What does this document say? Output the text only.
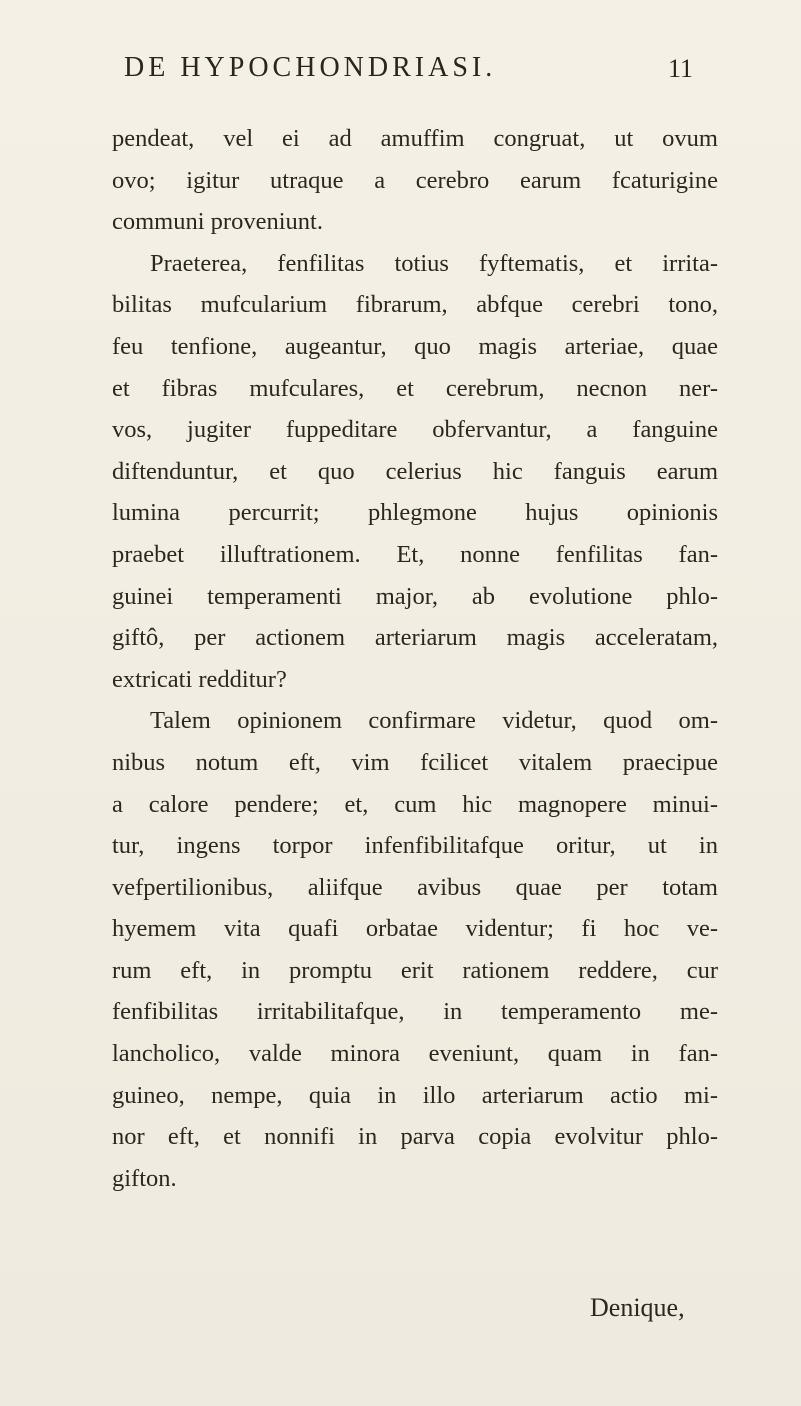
DE HYPOCHONDRIASI.	11
pendeat, vel ei ad amuffim congruat, ut ovum
ovo; igitur utraque a cerebro earum fcaturigine
communi proveniunt.
Praeterea, fenfilitas totius fyftematis, et irrita-
bilitas mufcularium fibrarum, abfque cerebri tono,
feu tenfione, augeantur, quo magis arteriae, quae
et fibras mufculares, et cerebrum, necnon ner-
vos, jugiter fuppeditare obfervantur, a fanguine
diftenduntur, et quo celerius hic fanguis earum
lumina percurrit; phlegmone hujus opinionis
praebet illuftrationem. Et, nonne fenfilitas fan-
guinei temperamenti major, ab evolutione phlo-
giftô, per actionem arteriarum magis acceleratam,
extricati redditur?
Talem opinionem confirmare videtur, quod om-
nibus notum eft, vim fcilicet vitalem praecipue
a calore pendere; et, cum hic magnopere minui-
tur, ingens torpor infenfibilitafque oritur, ut in
vefpertilionibus, aliifque avibus quae per totam
hyemem vita quafi orbatae videntur; fi hoc ve-
rum eft, in promptu erit rationem reddere, cur
fenfibilitas irritabilitafque, in temperamento me-
lancholico, valde minora eveniunt, quam in fan-
guineo, nempe, quia in illo arteriarum actio mi-
nor eft, et nonnifi in parva copia evolvitur phlo-
gifton.
Denique,
